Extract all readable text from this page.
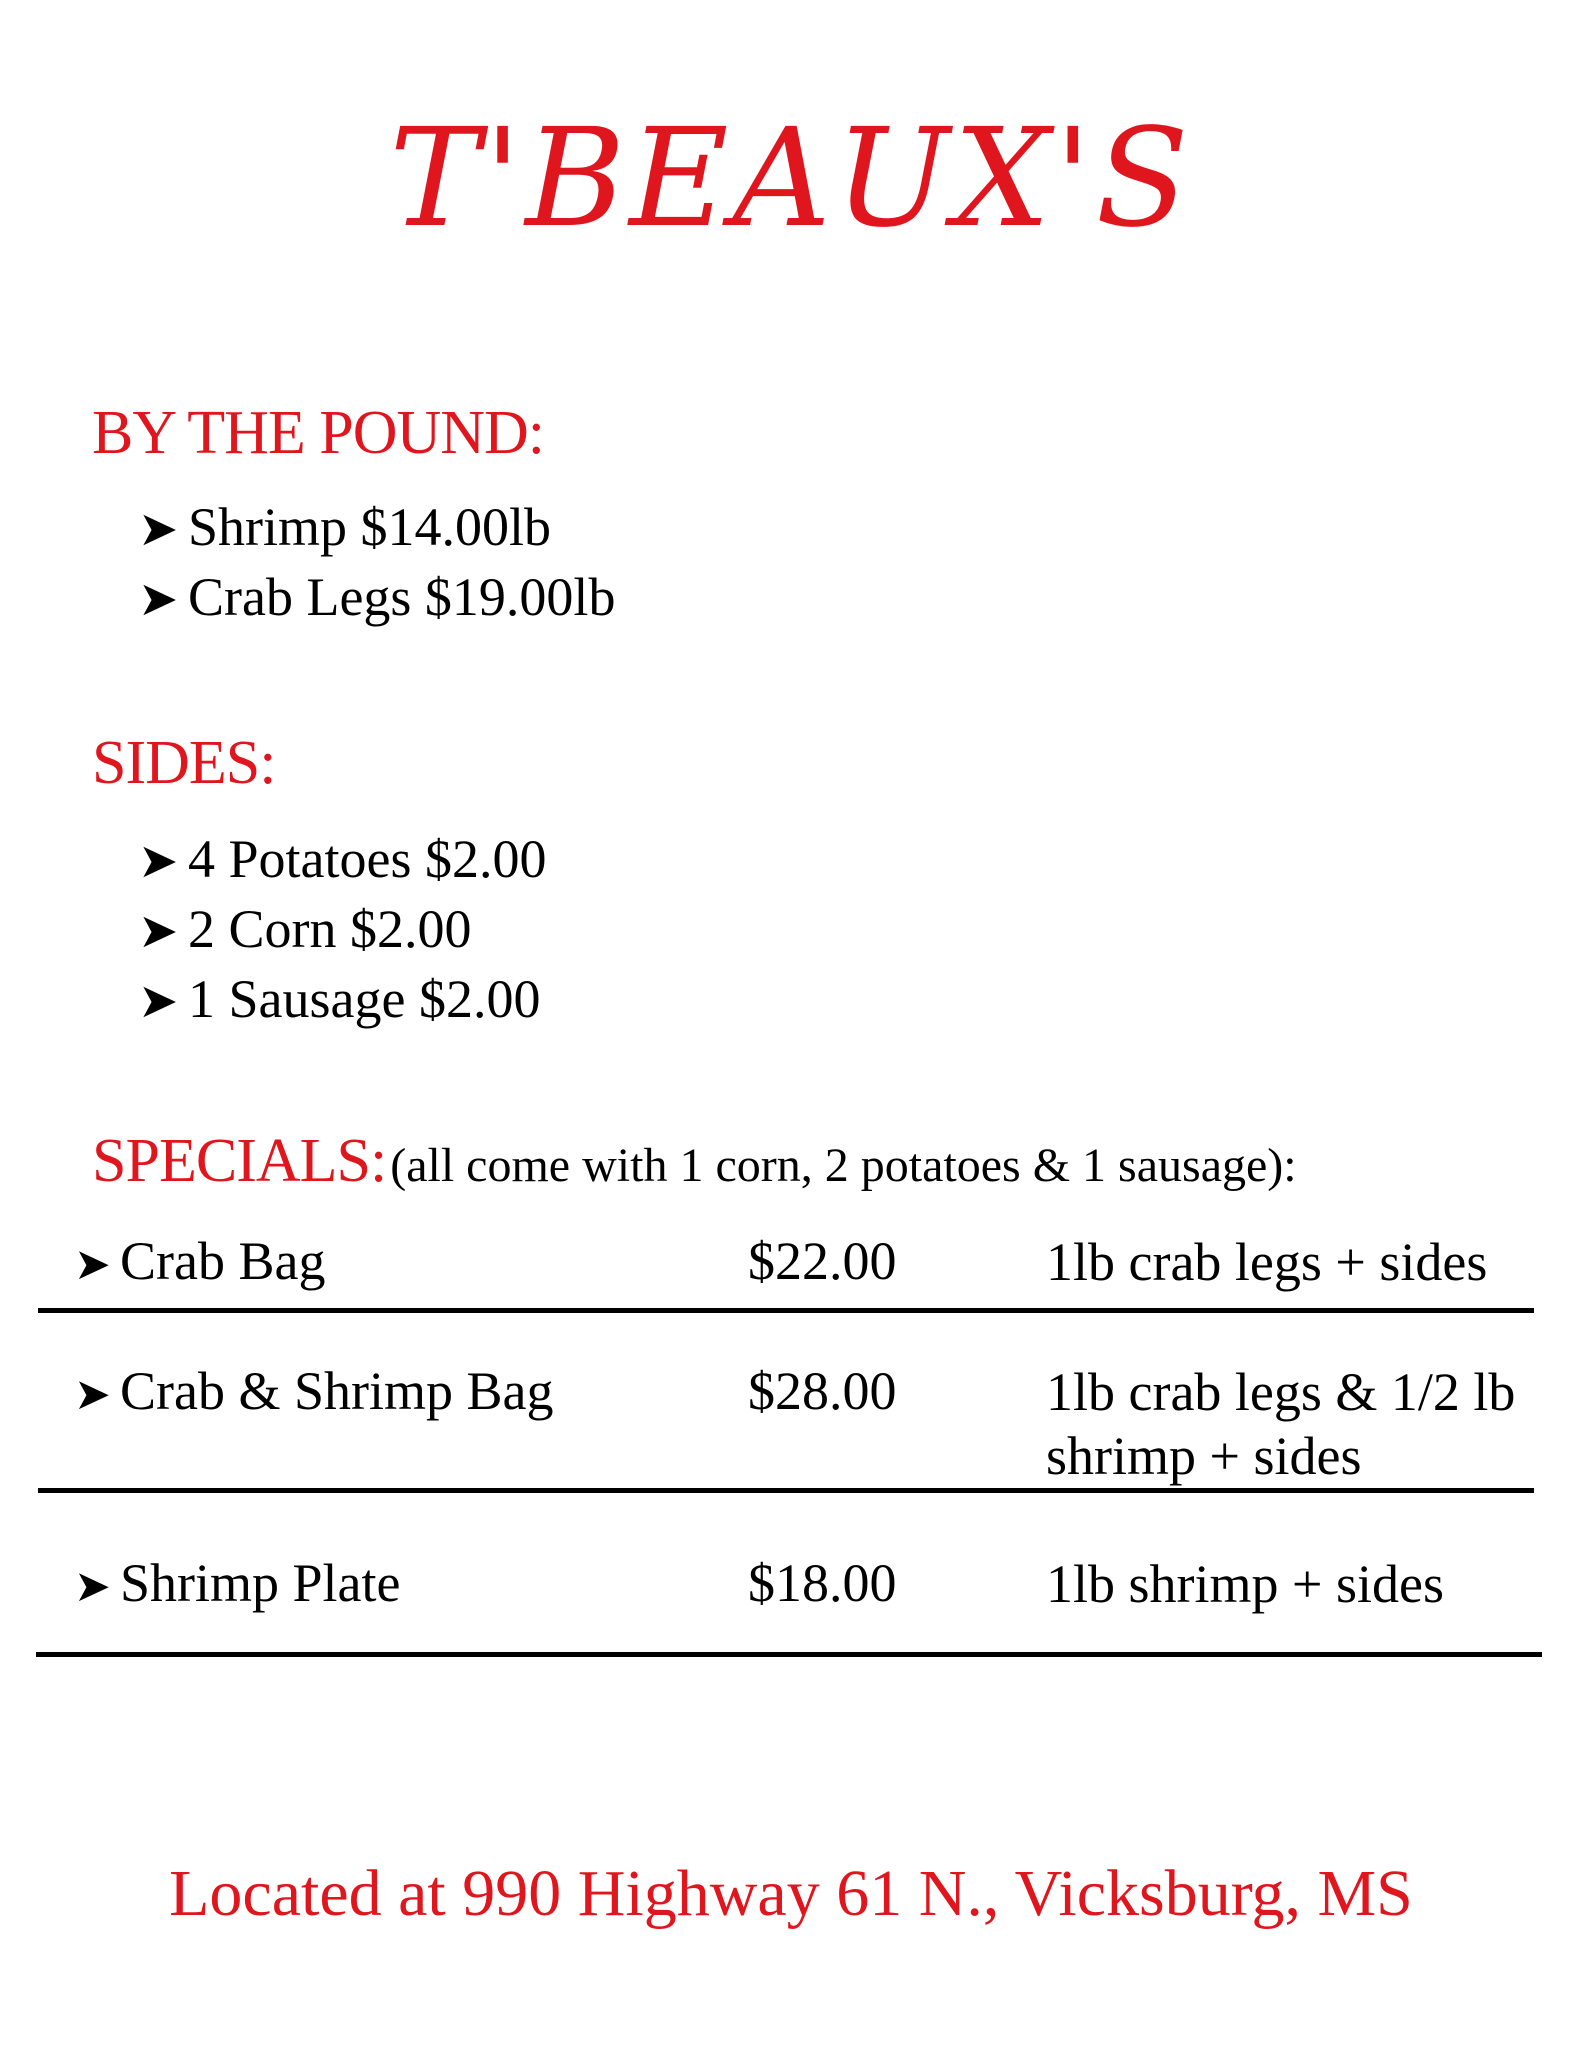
T'BEAUX'S
BY THE POUND:
➤ Shrimp $14.00lb
➤ Crab Legs $19.00lb
SIDES:
➤ 4 Potatoes $2.00
➤ 2 Corn $2.00
➤ 1 Sausage $2.00
SPECIALS: (all come with 1 corn, 2 potatoes & 1 sausage):
➤ Crab Bag	$22.00	1lb crab legs + sides
➤ Crab & Shrimp Bag	$28.00	1lb crab legs & 1/2 lb shrimp + sides
➤ Shrimp Plate	$18.00	1lb shrimp + sides
Located at 990 Highway 61 N., Vicksburg, MS
